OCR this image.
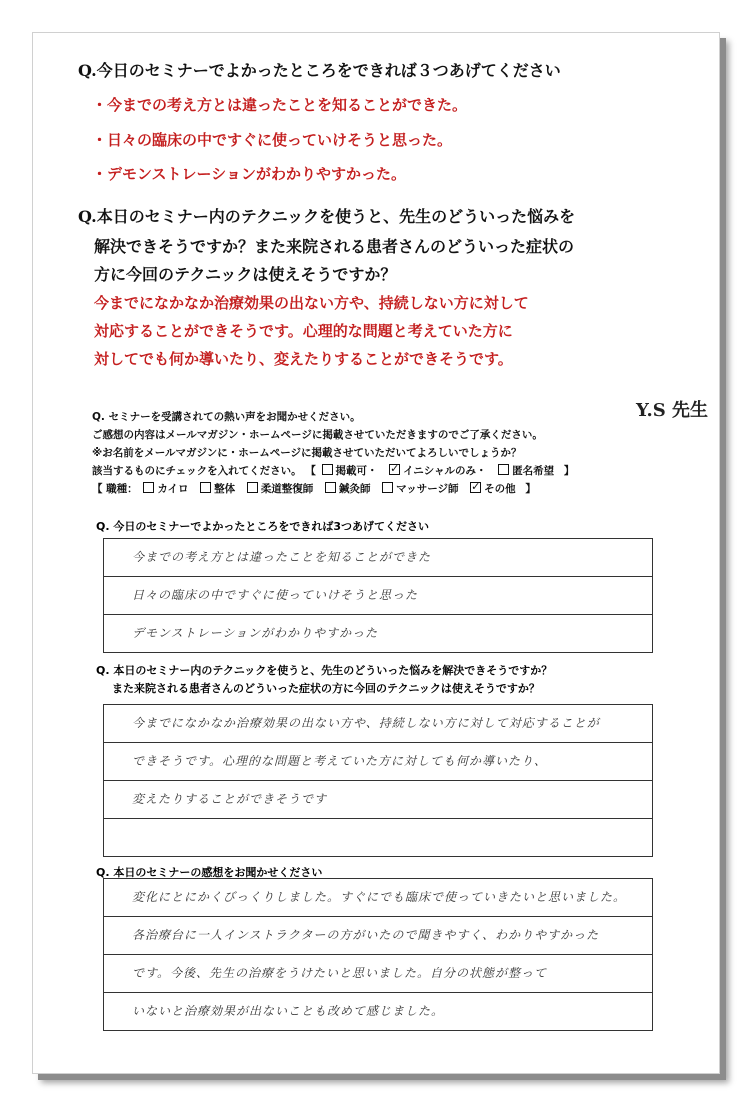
Q.今日のセミナーでよかったところをできれば３つあげてください
・今までの考え方とは違ったことを知ることができた。
・日々の臨床の中ですぐに使っていけそうと思った。
・デモンストレーションがわかりやすかった。
Q.本日のセミナー内のテクニックを使うと、先生のどういった悩みを
解決できそうですか？また来院される患者さんのどういった症状の
方に今回のテクニックは使えそうですか？
今までになかなか治療効果の出ない方や、持続しない方に対して
対応することができそうです。心理的な問題と考えていた方に
対してでも何か導いたり、変えたりすることができそうです。
Y.S 先生
Q. セミナーを受講されての熱い声をお聞かせください。
ご感想の内容はメールマガジン・ホームページに掲載させていただきますのでご了承ください。
※お名前をメールマガジンに・ホームページに掲載させていただいてよろしいでしょうか？
該当するものにチェックを入れてください。 【 掲載可・ ✓ イニシャルのみ・ 匿名希望 】
【 職種： カイロ 整体 柔道整復師 鍼灸師 マッサージ師 ✓ その他 】
Q. 今日のセミナーでよかったところをできれば3つあげてください
今までの考え方とは違ったことを知ることができた
日々の臨床の中ですぐに使っていけそうと思った
デモンストレーションがわかりやすかった
Q. 本日のセミナー内のテクニックを使うと、先生のどういった悩みを解決できそうですか？
また来院される患者さんのどういった症状の方に今回のテクニックは使えそうですか？
今までになかなか治療効果の出ない方や、持続しない方に対して対応することが
できそうです。心理的な問題と考えていた方に対しても何か導いたり、
変えたりすることができそうです
Q. 本日のセミナーの感想をお聞かせください
変化にとにかくびっくりしました。すぐにでも臨床で使っていきたいと思いました。
各治療台に一人インストラクターの方がいたので聞きやすく、わかりやすかった
です。今後、先生の治療をうけたいと思いました。自分の状態が整って
いないと治療効果が出ないことも改めて感じました。
